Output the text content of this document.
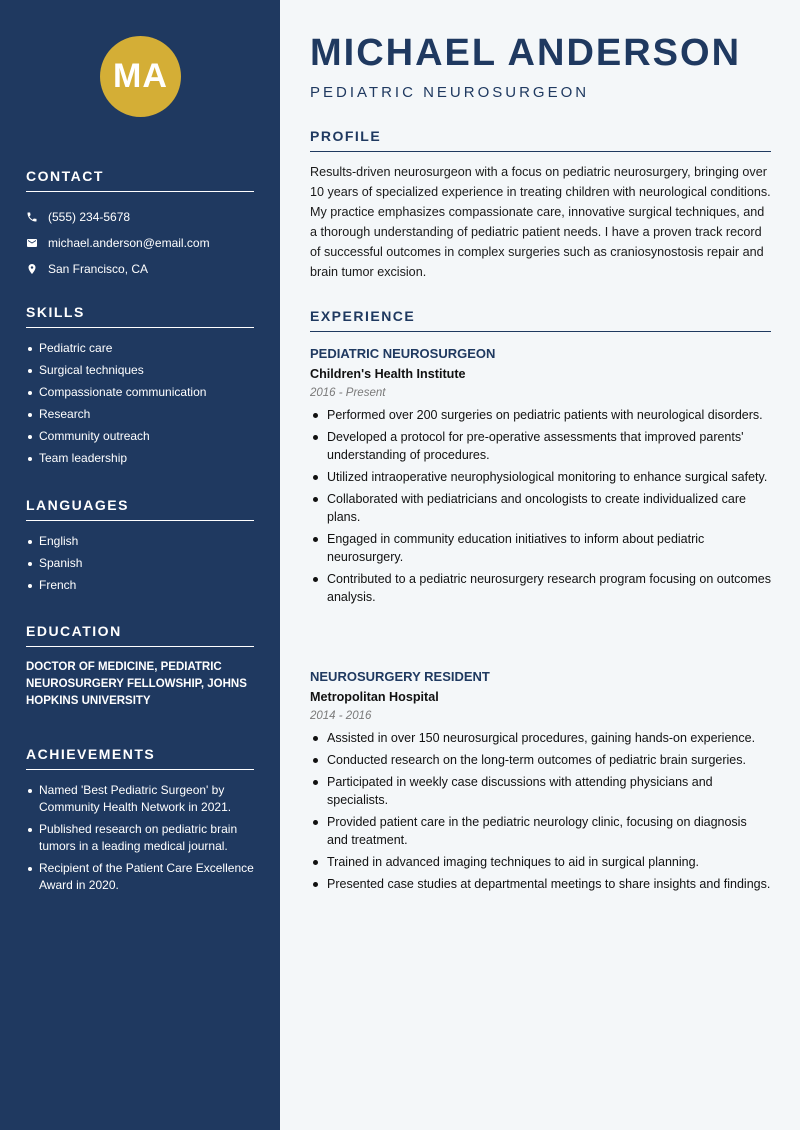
MA
CONTACT
(555) 234-5678
michael.anderson@email.com
San Francisco, CA
SKILLS
Pediatric care
Surgical techniques
Compassionate communication
Research
Community outreach
Team leadership
LANGUAGES
English
Spanish
French
EDUCATION
DOCTOR OF MEDICINE, PEDIATRIC NEUROSURGERY FELLOWSHIP, JOHNS HOPKINS UNIVERSITY
ACHIEVEMENTS
Named 'Best Pediatric Surgeon' by Community Health Network in 2021.
Published research on pediatric brain tumors in a leading medical journal.
Recipient of the Patient Care Excellence Award in 2020.
MICHAEL ANDERSON
PEDIATRIC NEUROSURGEON
PROFILE
Results-driven neurosurgeon with a focus on pediatric neurosurgery, bringing over 10 years of specialized experience in treating children with neurological conditions. My practice emphasizes compassionate care, innovative surgical techniques, and a thorough understanding of pediatric patient needs. I have a proven track record of successful outcomes in complex surgeries such as craniosynostosis repair and brain tumor excision.
EXPERIENCE
PEDIATRIC NEUROSURGEON
Children's Health Institute
2016 - Present
Performed over 200 surgeries on pediatric patients with neurological disorders.
Developed a protocol for pre-operative assessments that improved parents' understanding of procedures.
Utilized intraoperative neurophysiological monitoring to enhance surgical safety.
Collaborated with pediatricians and oncologists to create individualized care plans.
Engaged in community education initiatives to inform about pediatric neurosurgery.
Contributed to a pediatric neurosurgery research program focusing on outcomes analysis.
NEUROSURGERY RESIDENT
Metropolitan Hospital
2014 - 2016
Assisted in over 150 neurosurgical procedures, gaining hands-on experience.
Conducted research on the long-term outcomes of pediatric brain surgeries.
Participated in weekly case discussions with attending physicians and specialists.
Provided patient care in the pediatric neurology clinic, focusing on diagnosis and treatment.
Trained in advanced imaging techniques to aid in surgical planning.
Presented case studies at departmental meetings to share insights and findings.
